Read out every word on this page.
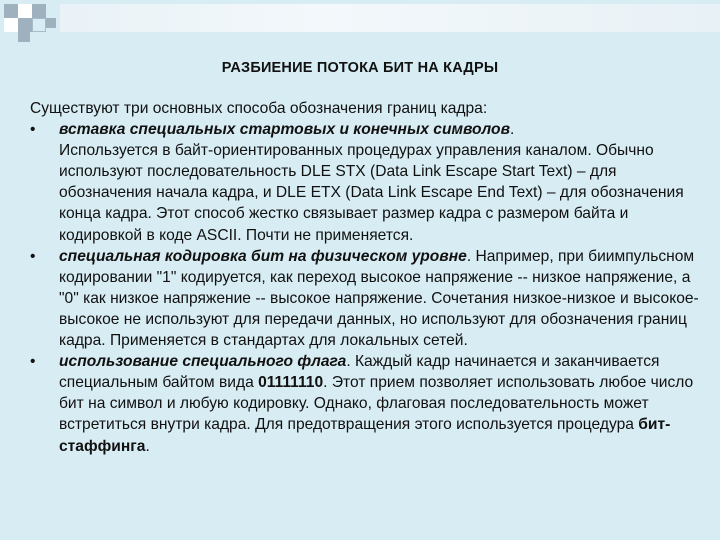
РАЗБИЕНИЕ ПОТОКА БИТ НА КАДРЫ

Существуют три основных способа обозначения границ кадра:

•	вставка специальных стартовых и конечных символов.
Используется в байт-ориентированных процедурах управления каналом. Обычно используют последовательность DLE STX (Data Link Escape Start Text) – для обозначения начала кадра, и DLE ETX (Data Link Escape End Text) – для обозначения конца кадра. Этот способ жестко связывает размер кадра с размером байта и кодировкой в коде ASCII. Почти не применяется.
•	специальная кодировка бит на физическом уровне. Например, при биимпульсном кодировании "1" кодируется, как переход высокое напряжение -- низкое напряжение, а "0" как низкое напряжение -- высокое напряжение. Сочетания низкое-низкое и высокое-высокое не используют для передачи данных, но используют для обозначения границ кадра. Применяется в стандартах для локальных сетей.
•	использование специального флага. Каждый кадр начинается и заканчивается специальным байтом вида 01111110. Этот прием позволяет использовать любое число бит на символ и любую кодировку. Однако, флаговая последовательность может встретиться внутри кадра. Для предотвращения этого используется процедура бит-стаффинга.
